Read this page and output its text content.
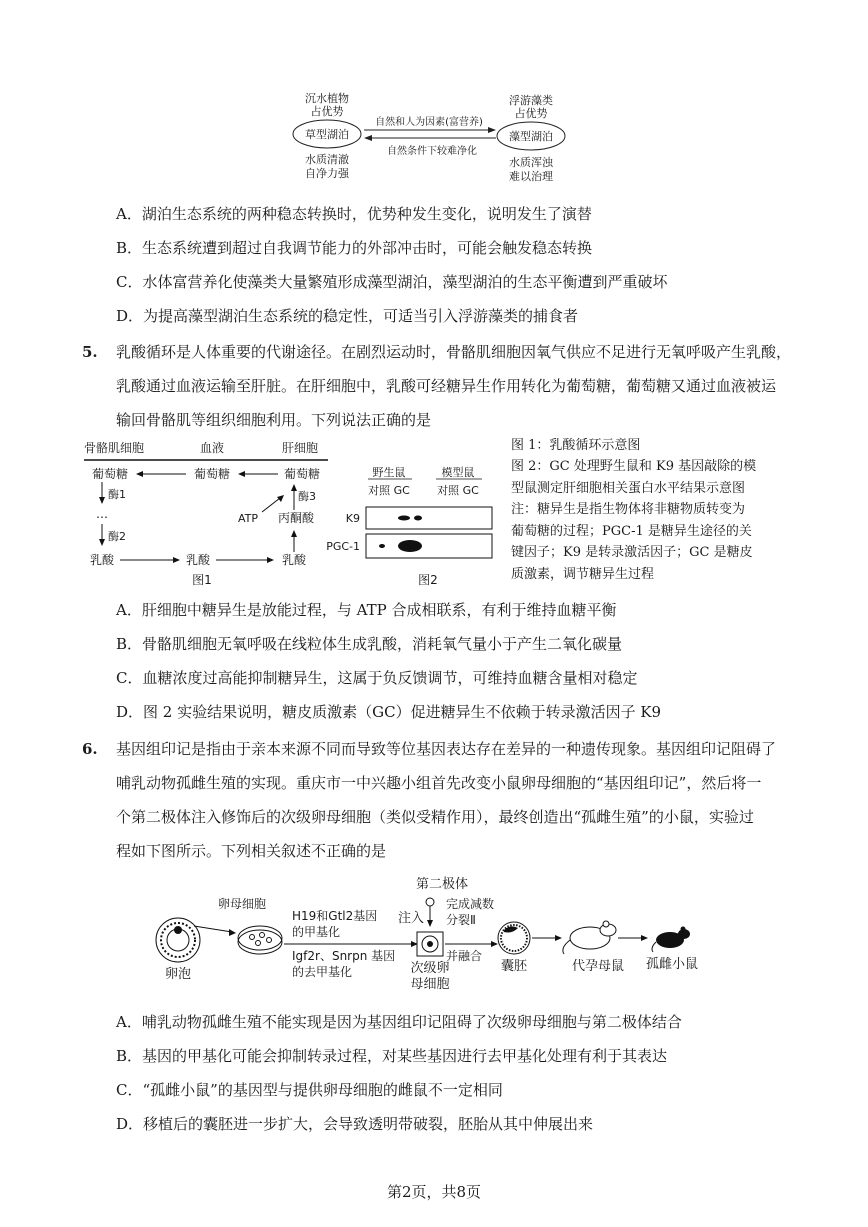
沉水植物
占优势
草型湖泊
水质清澈
自净力强
自然和人为因素(富营养)
自然条件下较难净化
浮游藻类
占优势
藻型湖泊
水质浑浊
难以治理
A．湖泊生态系统的两种稳态转换时，优势种发生变化，说明发生了演替
B．生态系统遭到超过自我调节能力的外部冲击时，可能会触发稳态转换
C．水体富营养化使藻类大量繁殖形成藻型湖泊，藻型湖泊的生态平衡遭到严重破坏
D．为提高藻型湖泊生态系统的稳定性，可适当引入浮游藻类的捕食者
5. 乳酸循环是人体重要的代谢途径。在剧烈运动时，骨骼肌细胞因氧气供应不足进行无氧呼吸产生乳酸，
乳酸通过血液运输至肝脏。在肝细胞中，乳酸可经糖异生作用转化为葡萄糖，葡萄糖又通过血液被运
输回骨骼肌等组织细胞利用。下列说法正确的是
骨骼肌细胞	血液	肝细胞
葡萄糖	葡萄糖	葡萄糖
酶1
…
酶2
乳酸	乳酸	乳酸
丙酮酸
ATP
酶3
图1
野生鼠	模型鼠
对照 GC 对照 GC
K9
PGC-1
图2
图 1：乳酸循环示意图
图 2：GC 处理野生鼠和 K9 基因敲除的模
型鼠测定肝细胞相关蛋白水平结果示意图
注：糖异生是指生物体将非糖物质转变为
葡萄糖的过程；PGC-1 是糖异生途径的关
键因子；K9 是转录激活因子；GC 是糖皮
质激素，调节糖异生过程
A．肝细胞中糖异生是放能过程，与 ATP 合成相联系，有利于维持血糖平衡
B．骨骼肌细胞无氧呼吸在线粒体生成乳酸，消耗氧气量小于产生二氧化碳量
C．血糖浓度过高能抑制糖异生，这属于负反馈调节，可维持血糖含量相对稳定
D．图 2 实验结果说明，糖皮质激素（GC）促进糖异生不依赖于转录激活因子 K9
6. 基因组印记是指由于亲本来源不同而导致等位基因表达存在差异的一种遗传现象。基因组印记阻碍了
哺乳动物孤雌生殖的实现。重庆市一中兴趣小组首先改变小鼠卵母细胞的“基因组印记”，然后将一
个第二极体注入修饰后的次级卵母细胞（类似受精作用），最终创造出“孤雌生殖”的小鼠，实验过
程如下图所示。下列相关叙述不正确的是
卵泡
卵母细胞
H19和Gtl2基因
的甲基化
Igf2r、Snrpn 基因
的去甲基化
第二极体
注入
次级卵
母细胞
完成减数
分裂Ⅱ
并融合
囊胚	代孕母鼠 孤雌小鼠
A．哺乳动物孤雌生殖不能实现是因为基因组印记阻碍了次级卵母细胞与第二极体结合
B．基因的甲基化可能会抑制转录过程，对某些基因进行去甲基化处理有利于其表达
C．“孤雌小鼠”的基因型与提供卵母细胞的雌鼠不一定相同
D．移植后的囊胚进一步扩大，会导致透明带破裂，胚胎从其中伸展出来
第2页，共8页
